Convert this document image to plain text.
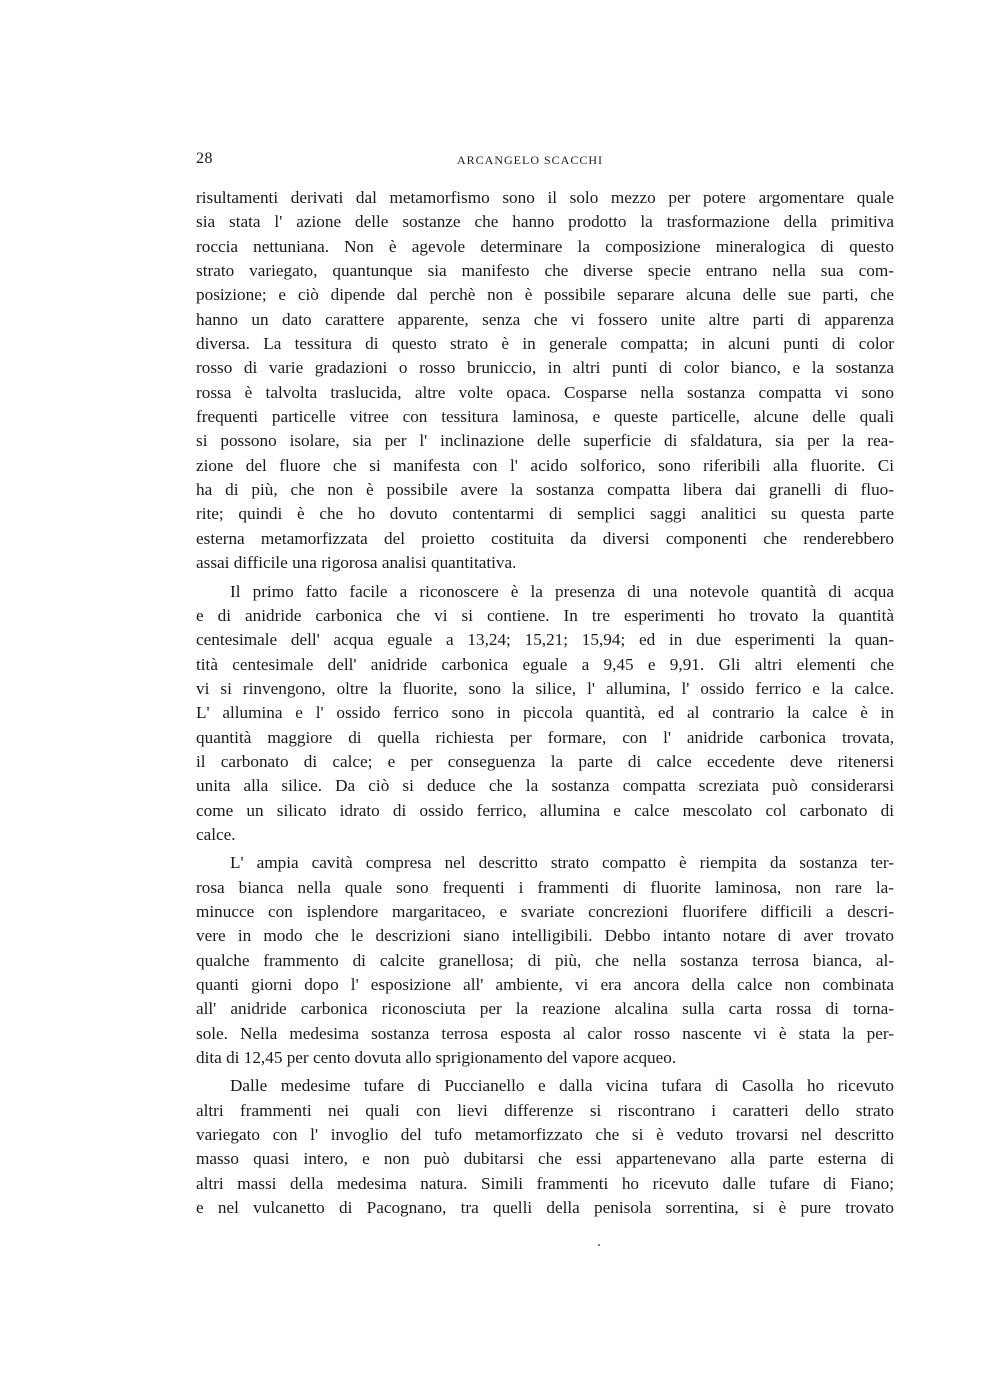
28	ARCANGELO SCACCHI
risultamenti derivati dal metamorfismo sono il solo mezzo per potere argomentare quale
sia stata l' azione delle sostanze che hanno prodotto la trasformazione della primitiva
roccia nettuniana. Non è agevole determinare la composizione mineralogica di questo
strato variegato, quantunque sia manifesto che diverse specie entrano nella sua com-
posizione; e ciò dipende dal perchè non è possibile separare alcuna delle sue parti, che
hanno un dato carattere apparente, senza che vi fossero unite altre parti di apparenza
diversa. La tessitura di questo strato è in generale compatta; in alcuni punti di color
rosso di varie gradazioni o rosso bruniccio, in altri punti di color bianco, e la sostanza
rossa è talvolta traslucida, altre volte opaca. Cosparse nella sostanza compatta vi sono
frequenti particelle vitree con tessitura laminosa, e queste particelle, alcune delle quali
si possono isolare, sia per l' inclinazione delle superficie di sfaldatura, sia per la rea-
zione del fluore che si manifesta con l' acido solforico, sono riferibili alla fluorite. Ci
ha di più, che non è possibile avere la sostanza compatta libera dai granelli di fluo-
rite; quindi è che ho dovuto contentarmi di semplici saggi analitici su questa parte
esterna metamorfizzata del proietto costituita da diversi componenti che renderebbero
assai difficile una rigorosa analisi quantitativa.
Il primo fatto facile a riconoscere è la presenza di una notevole quantità di acqua
e di anidride carbonica che vi si contiene. In tre esperimenti ho trovato la quantità
centesimale dell' acqua eguale a 13,24; 15,21; 15,94; ed in due esperimenti la quan-
tità centesimale dell' anidride carbonica eguale a 9,45 e 9,91. Gli altri elementi che
vi si rinvengono, oltre la fluorite, sono la silice, l' allumina, l' ossido ferrico e la calce.
L' allumina e l' ossido ferrico sono in piccola quantità, ed al contrario la calce è in
quantità maggiore di quella richiesta per formare, con l' anidride carbonica trovata,
il carbonato di calce; e per conseguenza la parte di calce eccedente deve ritenersi
unita alla silice. Da ciò si deduce che la sostanza compatta screziata può considerarsi
come un silicato idrato di ossido ferrico, allumina e calce mescolato col carbonato di
calce.
L' ampia cavità compresa nel descritto strato compatto è riempita da sostanza ter-
rosa bianca nella quale sono frequenti i frammenti di fluorite laminosa, non rare la-
minucce con isplendore margaritaceo, e svariate concrezioni fluorifere difficili a descri-
vere in modo che le descrizioni siano intelligibili. Debbo intanto notare di aver trovato
qualche frammento di calcite granellosa; di più, che nella sostanza terrosa bianca, al-
quanti giorni dopo l' esposizione all' ambiente, vi era ancora della calce non combinata
all' anidride carbonica riconosciuta per la reazione alcalina sulla carta rossa di torna-
sole. Nella medesima sostanza terrosa esposta al calor rosso nascente vi è stata la per-
dita di 12,45 per cento dovuta allo sprigionamento del vapore acqueo.
Dalle medesime tufare di Puccianello e dalla vicina tufara di Casolla ho ricevuto
altri frammenti nei quali con lievi differenze si riscontrano i caratteri dello strato
variegato con l' invoglio del tufo metamorfizzato che si è veduto trovarsi nel descritto
masso quasi intero, e non può dubitarsi che essi appartenevano alla parte esterna di
altri massi della medesima natura. Simili frammenti ho ricevuto dalle tufare di Fiano;
e nel vulcanetto di Pacognano, tra quelli della penisola sorrentina, si è pure trovato
